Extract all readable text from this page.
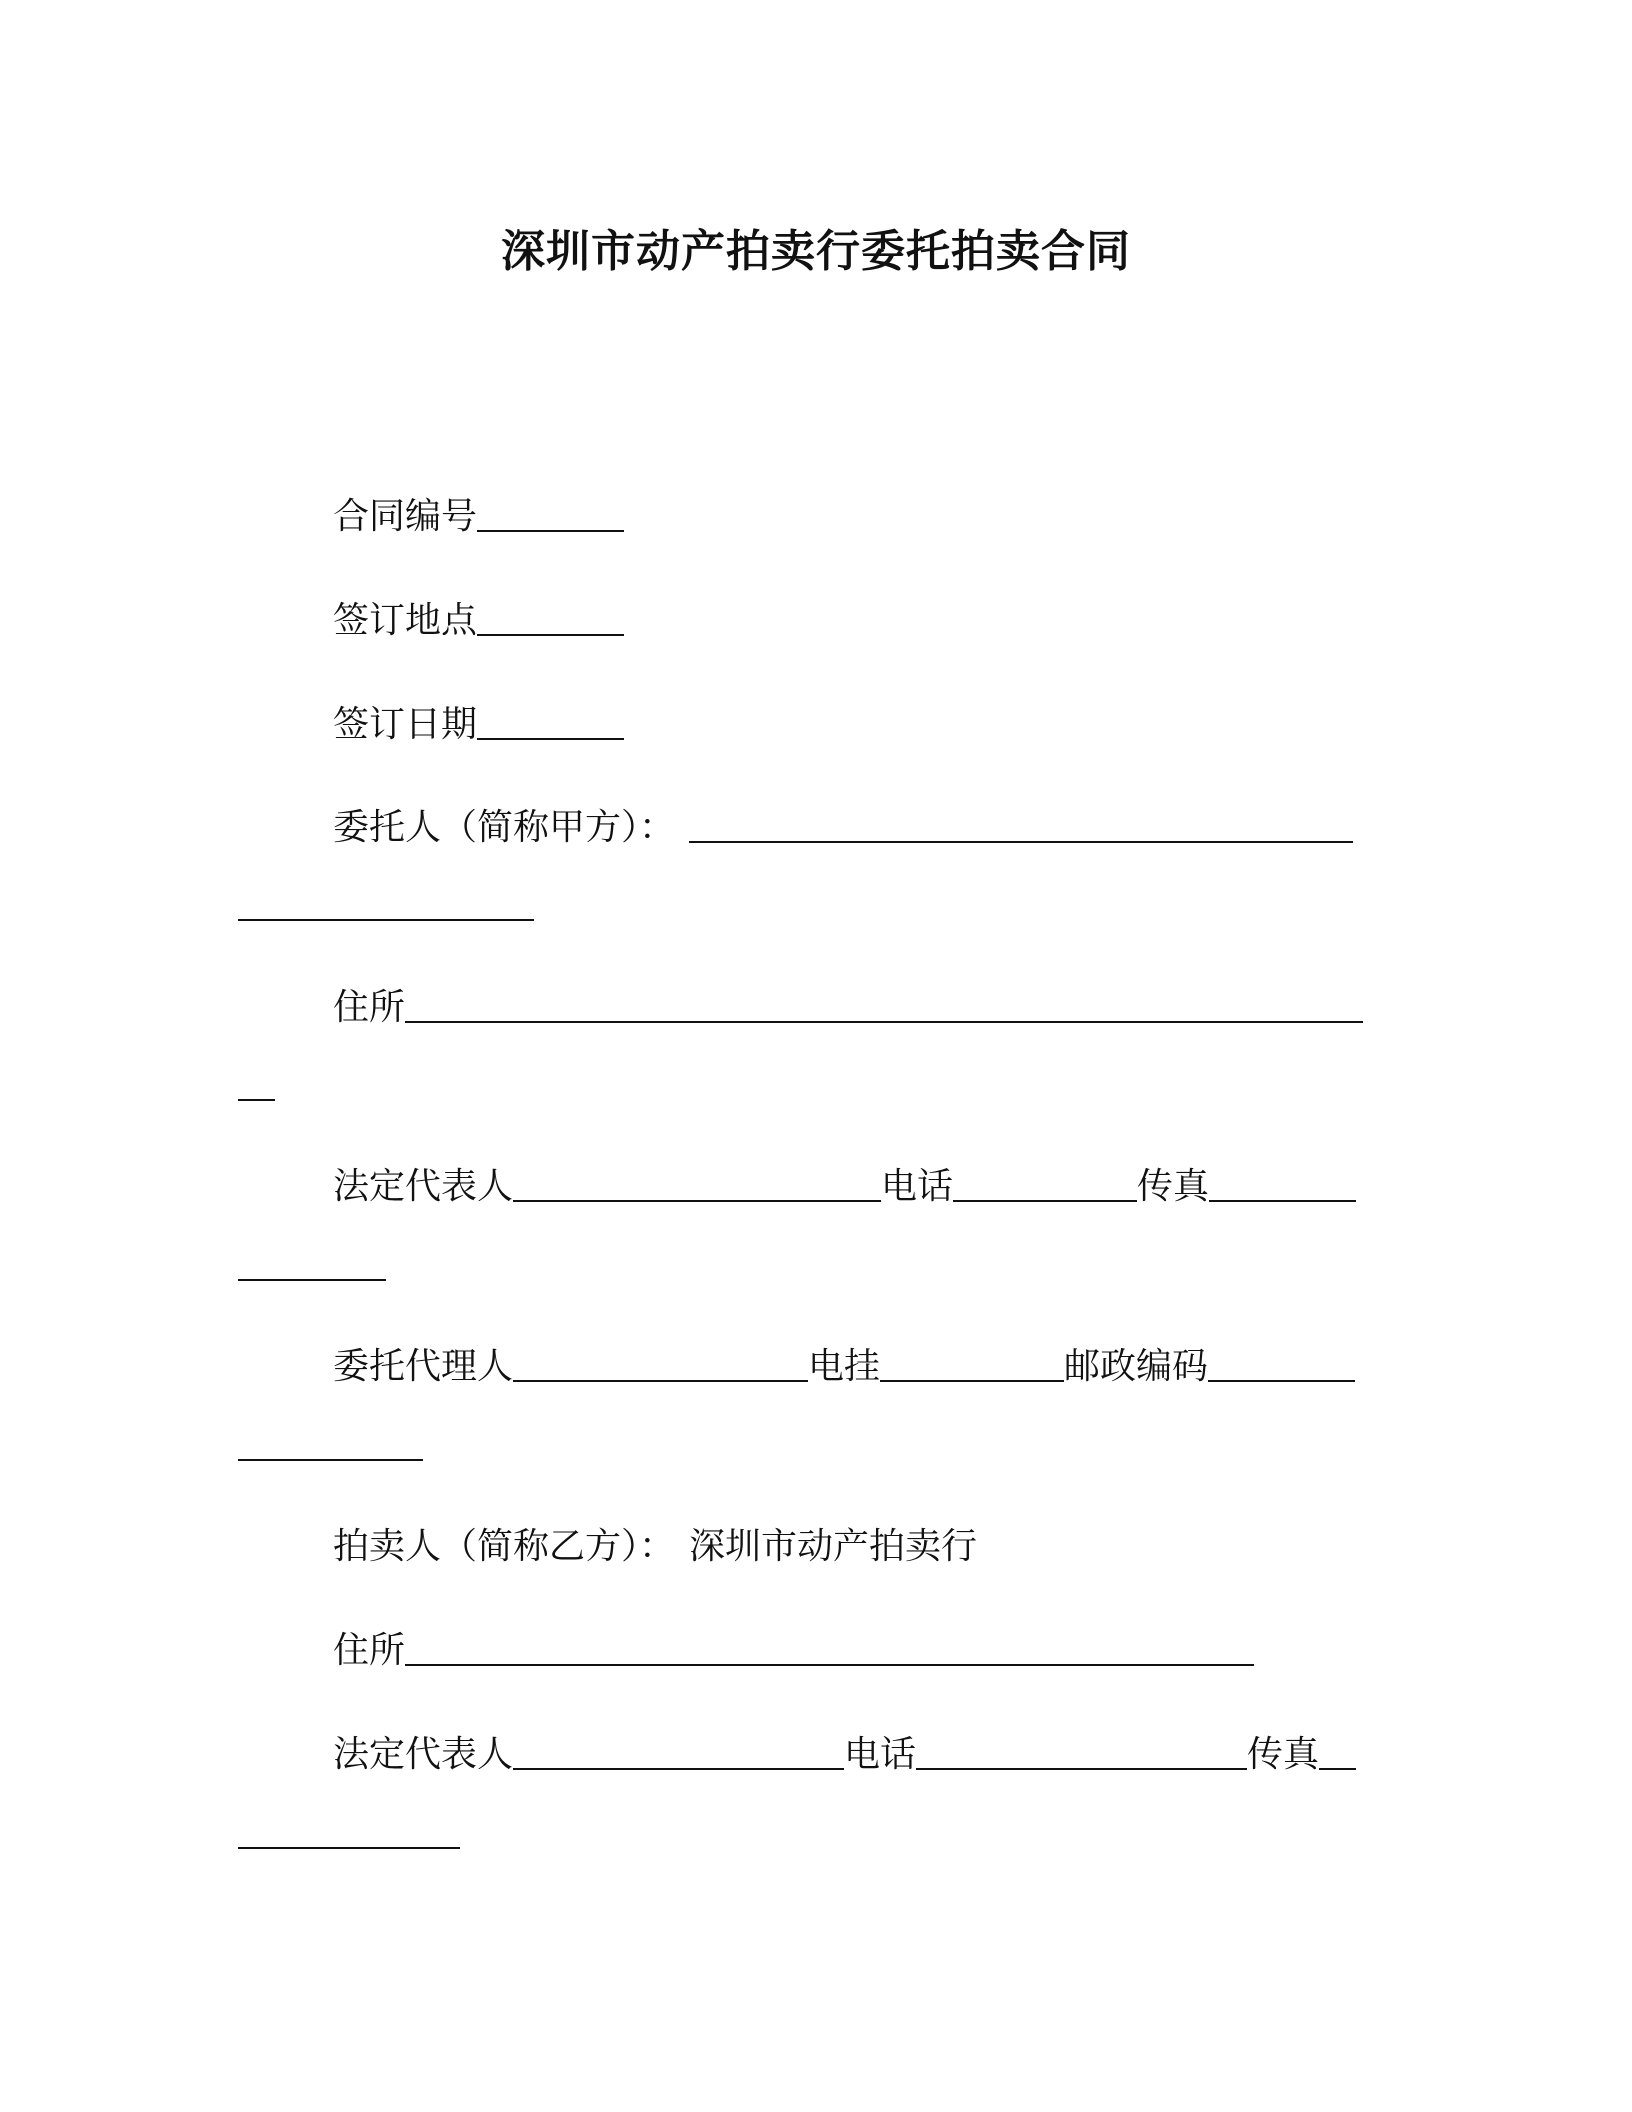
深圳市动产拍卖行委托拍卖合同
合同编号
签订地点
签订日期
委托人（简称甲方）：
住所
法定代表人	电话	传真
委托代理人	电挂	邮政编码
拍卖人（简称乙方）： 深圳市动产拍卖行
住所
法定代表人	电话	传真
